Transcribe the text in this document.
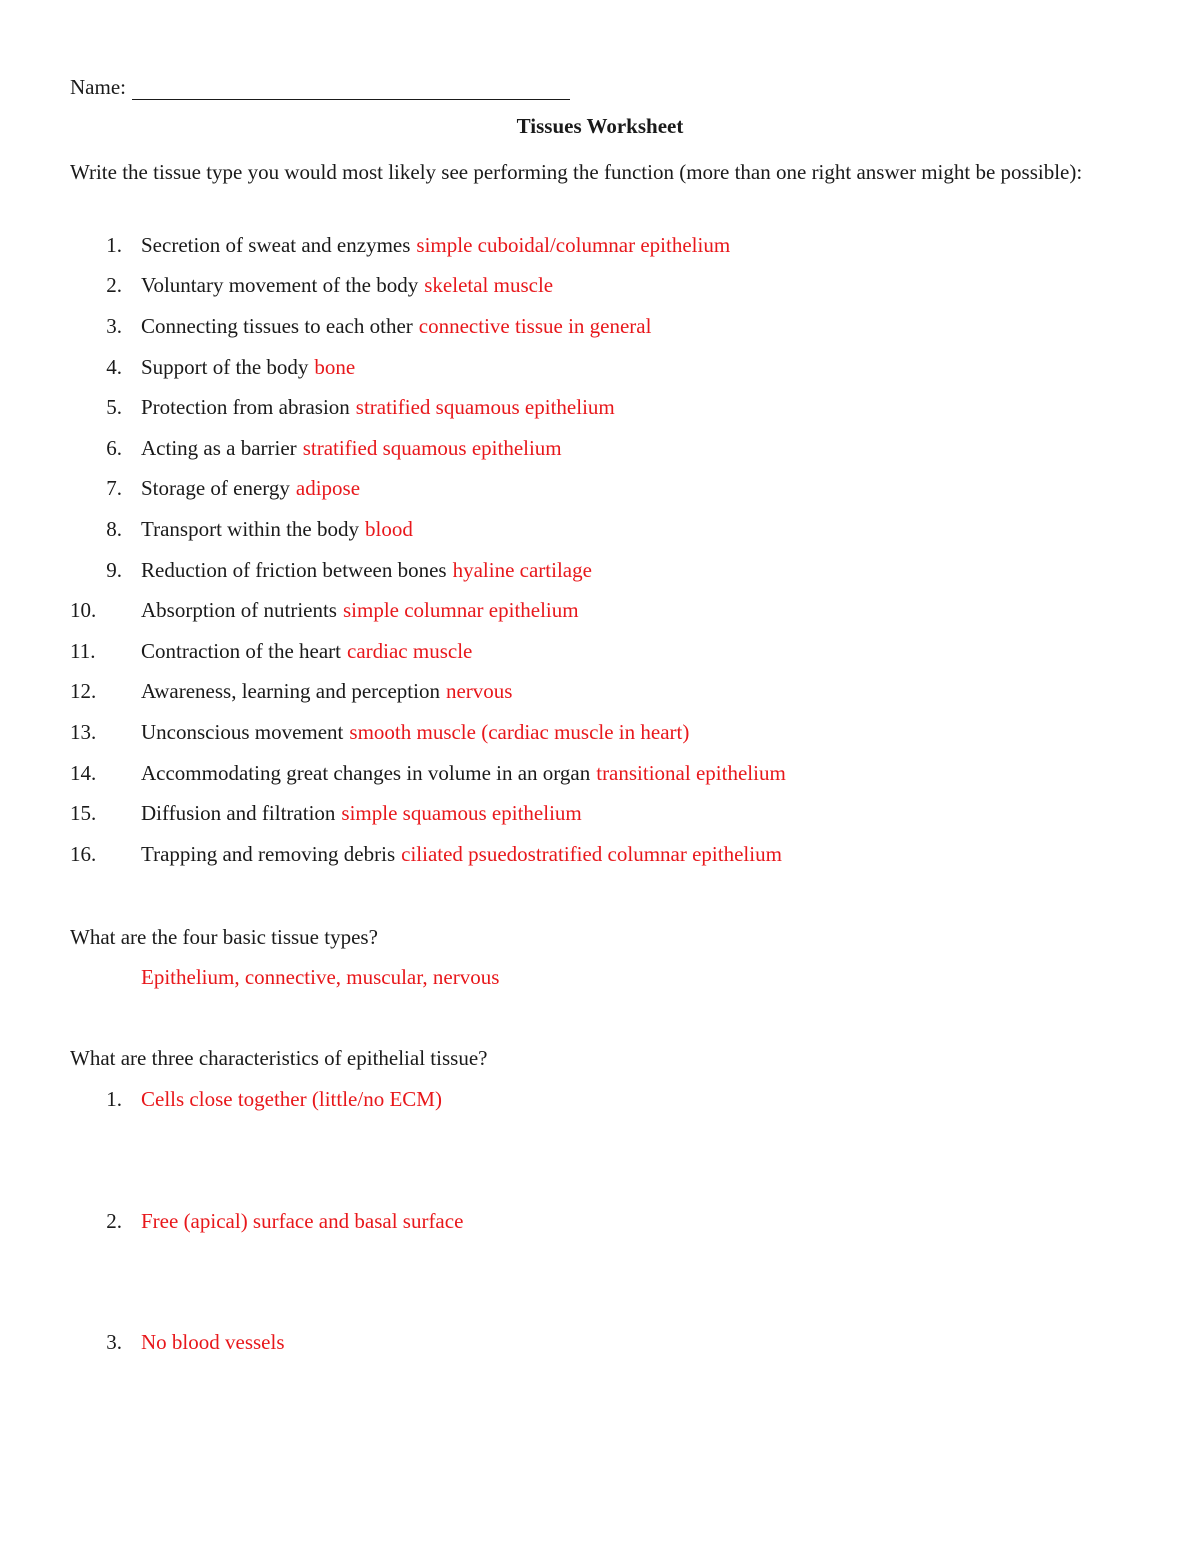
Name:
Tissues Worksheet
Write the tissue type you would most likely see performing the function (more than one right answer might be possible):
1. Secretion of sweat and enzymes simple cuboidal/columnar epithelium
2. Voluntary movement of the body skeletal muscle
3. Connecting tissues to each other connective tissue in general
4. Support of the body bone
5. Protection from abrasion stratified squamous epithelium
6. Acting as a barrier stratified squamous epithelium
7. Storage of energy adipose
8. Transport within the body blood
9. Reduction of friction between bones hyaline cartilage
10.	Absorption of nutrients simple columnar epithelium
11.	Contraction of the heart cardiac muscle
12.	Awareness, learning and perception nervous
13.	Unconscious movement smooth muscle (cardiac muscle in heart)
14.	Accommodating great changes in volume in an organ transitional epithelium
15.	Diffusion and filtration simple squamous epithelium
16.	Trapping and removing debris ciliated psuedostratified columnar epithelium
What are the four basic tissue types?
Epithelium, connective, muscular, nervous
What are three characteristics of epithelial tissue?
1. Cells close together (little/no ECM)
2. Free (apical) surface and basal surface
3. No blood vessels
